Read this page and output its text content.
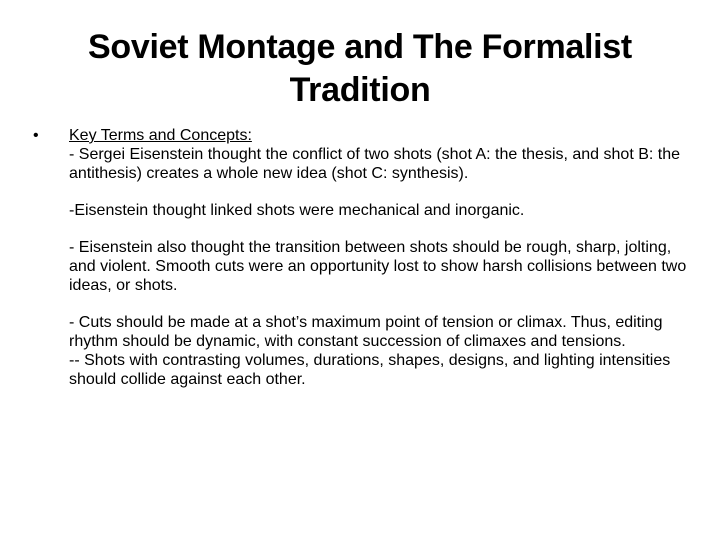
Soviet Montage and The Formalist
Tradition
• Key Terms and Concepts:
- Sergei Eisenstein thought the conflict of two shots (shot A: the thesis, and shot B: the antithesis) creates a whole new idea (shot C: synthesis).
-Eisenstein thought linked shots were mechanical and inorganic.
- Eisenstein also thought the transition between shots should be rough, sharp, jolting, and violent. Smooth cuts were an opportunity lost to show harsh collisions between two ideas, or shots.
- Cuts should be made at a shot’s maximum point of tension or climax. Thus, editing rhythm should be dynamic, with constant succession of climaxes and tensions.
-- Shots with contrasting volumes, durations, shapes, designs, and lighting intensities should collide against each other.
